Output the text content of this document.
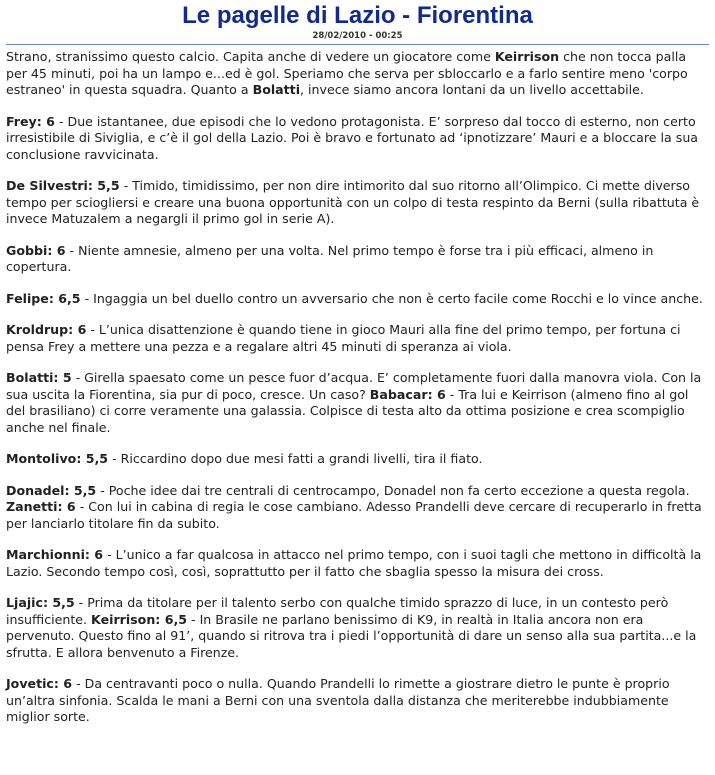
Le pagelle di Lazio - Fiorentina
28/02/2010 - 00:25

Strano, stranissimo questo calcio. Capita anche di vedere un giocatore come Keirrison che non tocca palla per 45 minuti, poi ha un lampo e...ed è gol. Speriamo che serva per sbloccarlo e a farlo sentire meno 'corpo estraneo' in questa squadra. Quanto a Bolatti, invece siamo ancora lontani da un livello accettabile.

Frey: 6 - Due istantanee, due episodi che lo vedono protagonista. E’ sorpreso dal tocco di esterno, non certo irresistibile di Siviglia, e c’è il gol della Lazio. Poi è bravo e fortunato ad ‘ipnotizzare’ Mauri e a bloccare la sua conclusione ravvicinata.

De Silvestri: 5,5 - Timido, timidissimo, per non dire intimorito dal suo ritorno all’Olimpico. Ci mette diverso tempo per sciogliersi e creare una buona opportunità con un colpo di testa respinto da Berni (sulla ribattuta è invece Matuzalem a negargli il primo gol in serie A).

Gobbi: 6 - Niente amnesie, almeno per una volta. Nel primo tempo è forse tra i più efficaci, almeno in copertura.

Felipe: 6,5 - Ingaggia un bel duello contro un avversario che non è certo facile come Rocchi e lo vince anche.

Kroldrup: 6 - L’unica disattenzione è quando tiene in gioco Mauri alla fine del primo tempo, per fortuna ci pensa Frey a mettere una pezza e a regalare altri 45 minuti di speranza ai viola.

Bolatti: 5 - Girella spaesato come un pesce fuor d’acqua. E’ completamente fuori dalla manovra viola. Con la sua uscita la Fiorentina, sia pur di poco, cresce. Un caso? Babacar: 6 - Tra lui e Keirrison (almeno fino al gol del brasiliano) ci corre veramente una galassia. Colpisce di testa alto da ottima posizione e crea scompiglio anche nel finale.

Montolivo: 5,5 - Riccardino dopo due mesi fatti a grandi livelli, tira il fiato.

Donadel: 5,5 - Poche idee dai tre centrali di centrocampo, Donadel non fa certo eccezione a questa regola. Zanetti: 6 - Con lui in cabina di regia le cose cambiano. Adesso Prandelli deve cercare di recuperarlo in fretta per lanciarlo titolare fin da subito.

Marchionni: 6 - L’unico a far qualcosa in attacco nel primo tempo, con i suoi tagli che mettono in difficoltà la Lazio. Secondo tempo così, così, soprattutto per il fatto che sbaglia spesso la misura dei cross.

Ljajic: 5,5 - Prima da titolare per il talento serbo con qualche timido sprazzo di luce, in un contesto però insufficiente. Keirrison: 6,5 - In Brasile ne parlano benissimo di K9, in realtà in Italia ancora non era pervenuto. Questo fino al 91’, quando si ritrova tra i piedi l’opportunità di dare un senso alla sua partita...e la sfrutta. E allora benvenuto a Firenze.

Jovetic: 6 - Da centravanti poco o nulla. Quando Prandelli lo rimette a giostrare dietro le punte è proprio un’altra sinfonia. Scalda le mani a Berni con una sventola dalla distanza che meriterebbe indubbiamente miglior sorte.
